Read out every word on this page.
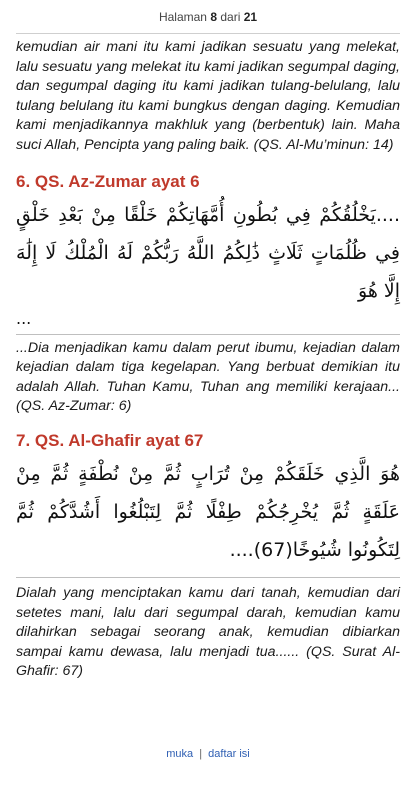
Halaman 8 dari 21

kemudian air mani itu kami jadikan sesuatu yang melekat, lalu sesuatu yang melekat itu kami jadikan segumpal daging, dan segumpal daging itu kami jadikan tulang-belulang, lalu tulang belulang itu kami bungkus dengan daging. Kemudian kami menjadikannya makhluk yang (berbentuk) lain. Maha suci Allah, Pencipta yang paling baik. (QS. Al-Mu’minun: 14)

6. QS. Az-Zumar ayat 6

....يَخْلُقُكُمْ فِي بُطُونِ أُمَّهَاتِكُمْ خَلْقًا مِنْ بَعْدِ خَلْقٍ فِي ظُلُمَاتٍ ثَلَاثٍ ذَٰلِكُمُ اللَّهُ رَبُّكُمْ لَهُ الْمُلْكُ لَا إِلَٰهَ إِلَّا هُوَ

...

...Dia menjadikan kamu dalam perut ibumu, kejadian dalam kejadian dalam tiga kegelapan. Yang berbuat demikian itu adalah Allah. Tuhan Kamu, Tuhan ang memiliki kerajaan...(QS. Az-Zumar: 6)

7. QS. Al-Ghafir ayat 67

هُوَ الَّذِي خَلَقَكُمْ مِنْ تُرَابٍ ثُمَّ مِنْ نُطْفَةٍ ثُمَّ مِنْ عَلَقَةٍ ثُمَّ يُخْرِجُكُمْ طِفْلًا ثُمَّ لِتَبْلُغُوا أَشُدَّكُمْ ثُمَّ لِتَكُونُوا شُيُوخًا(67)....

Dialah yang menciptakan kamu dari tanah, kemudian dari setetes mani, lalu dari segumpal darah, kemudian kamu dilahirkan sebagai seorang anak, kemudian dibiarkan sampai kamu dewasa, lalu menjadi tua...... (QS. Surat Al- Ghafir: 67)

muka | daftar isi
